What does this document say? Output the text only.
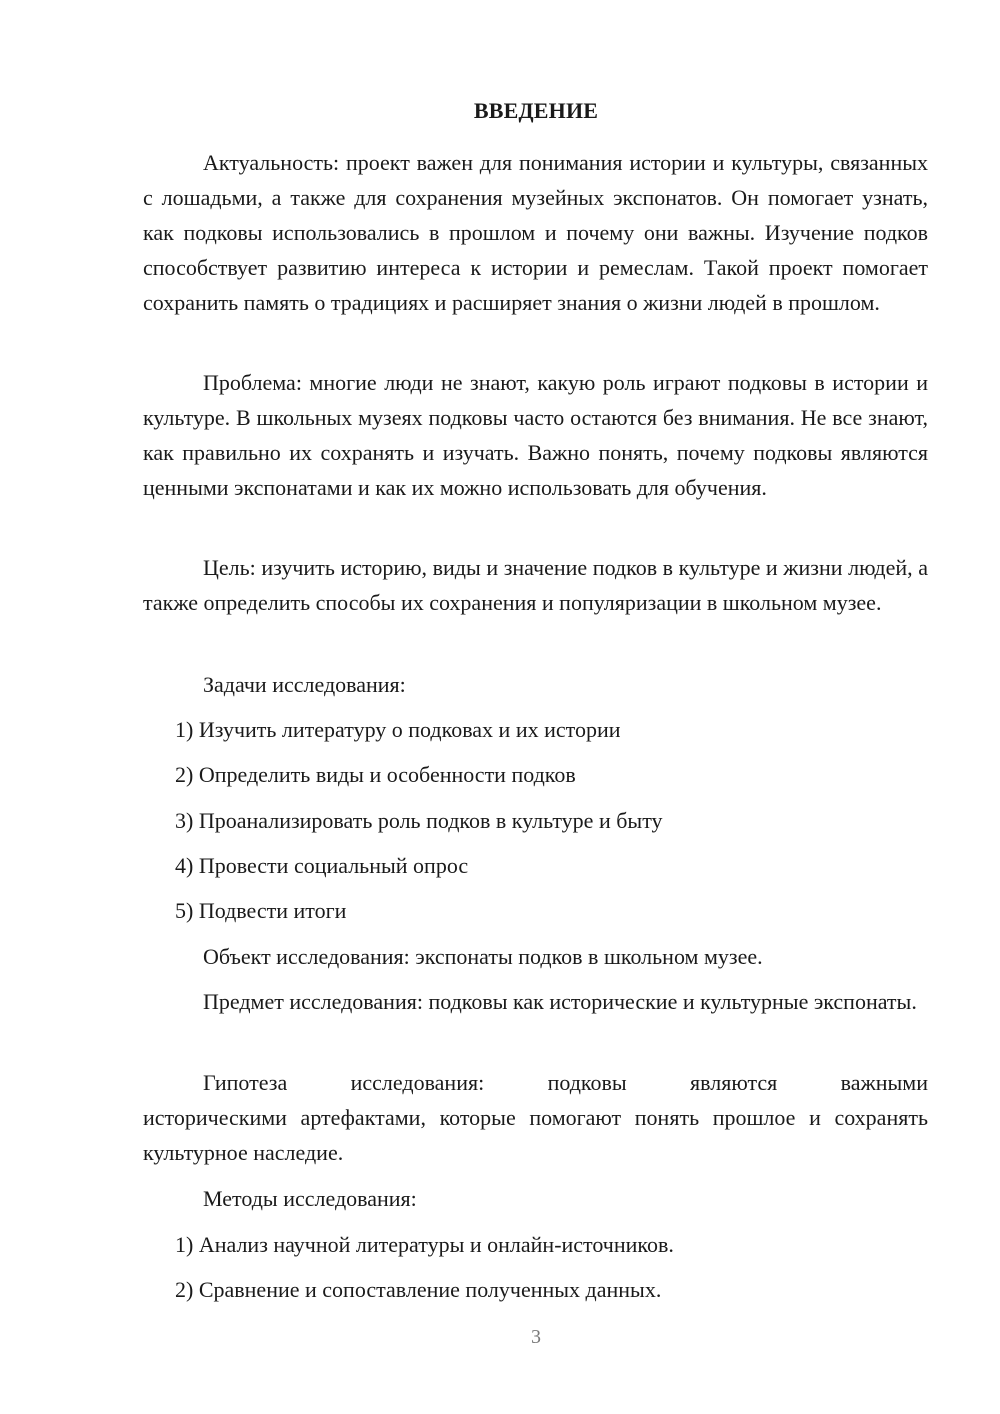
ВВЕДЕНИЕ

Актуальность: проект важен для понимания истории и культуры, связанных с лошадьми, а также для сохранения музейных экспонатов. Он помогает узнать, как подковы использовались в прошлом и почему они важны. Изучение подков способствует развитию интереса к истории и ремеслам. Такой проект помогает сохранить память о традициях и расширяет знания о жизни людей в прошлом.

Проблема: многие люди не знают, какую роль играют подковы в истории и культуре. В школьных музеях подковы часто остаются без внимания. Не все знают, как правильно их сохранять и изучать. Важно понять, почему подковы являются ценными экспонатами и как их можно использовать для обучения.

Цель: изучить историю, виды и значение подков в культуре и жизни людей, а также определить способы их сохранения и популяризации в школьном музее.

Задачи исследования:

1) Изучить литературу о подковах и их истории

2) Определить виды и особенности подков

3) Проанализировать роль подков в культуре и быту

4) Провести социальный опрос

5) Подвести итоги

Объект исследования: экспонаты подков в школьном музее.

Предмет исследования: подковы как исторические и культурные экспонаты.

Гипотеза	исследования:	подковы	являются	важными
историческими артефактами, которые помогают понять прошлое и сохранять культурное наследие.

Методы исследования:

1) Анализ научной литературы и онлайн-источников.

2) Сравнение и сопоставление полученных данных.

3
